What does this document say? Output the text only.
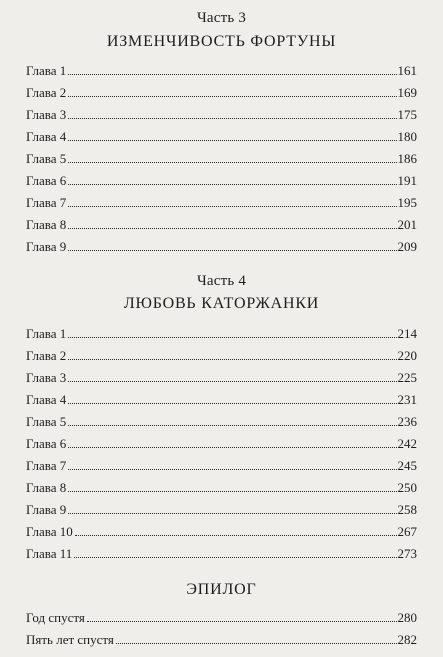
Часть 3
ИЗМЕНЧИВОСТЬ ФОРТУНЫ
Глава 1	161
Глава 2	169
Глава 3	175
Глава 4	180
Глава 5	186
Глава 6	191
Глава 7	195
Глава 8	201
Глава 9	209
Часть 4
ЛЮБОВЬ КАТОРЖАНКИ
Глава 1	214
Глава 2	220
Глава 3	225
Глава 4	231
Глава 5	236
Глава 6	242
Глава 7	245
Глава 8	250
Глава 9	258
Глава 10	267
Глава 11	273
ЭПИЛОГ
Год спустя	280
Пять лет спустя	282
